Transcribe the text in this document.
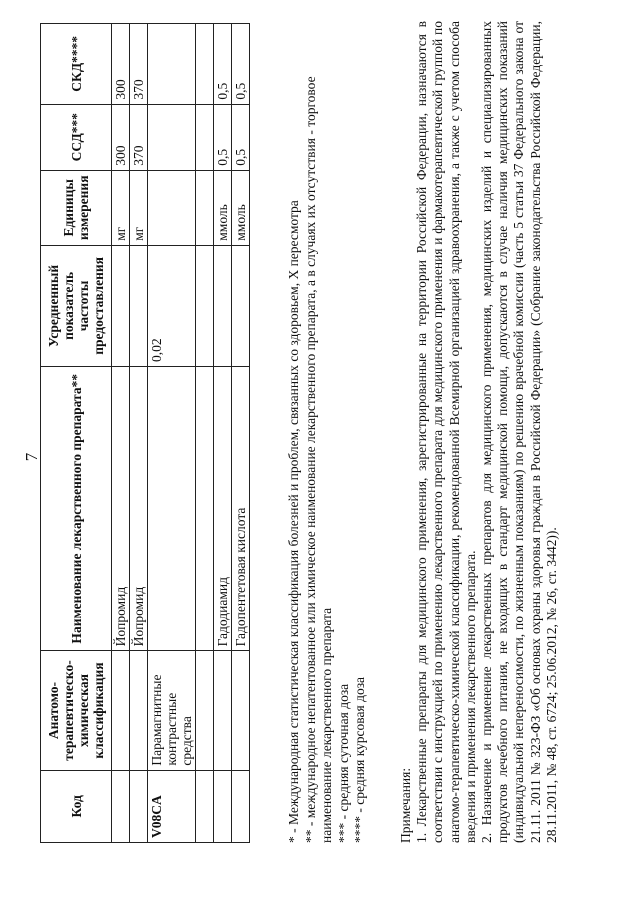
7
Код	Анатомо-терапевтическо-химическая классификация	Наименование лекарственного препарата**	Усредненный показатель частоты предоставления	Единицы измерения	ССД***	СКД****
		Йопромид		мг	300	300
		Йопромид		мг	370	370
V08CA	Парамагнитные контрастные средства		0,02			

		Гадодиамид		ммоль	0,5	0,5
		Гадопентетовая кислота		ммоль	0,5	0,5

* - Международная статистическая классификация болезней и проблем, связанных со здоровьем, X пересмотра ** - международное непатентованное или химическое наименование лекарственного препарата, а в случаях их отсутствия - торговое наименование лекарственного препарата *** - средняя суточная доза **** - средняя курсовая доза Примечания: 1. Лекарственные препараты для медицинского применения, зарегистрированные на территории Российской Федерации, назначаются в соответствии с инструкцией по применению лекарственного препарата для медицинского применения и фармакотерапевтической группой по анатомо-терапевтическо-химической классификации, рекомендованной Всемирной организацией здравоохранения, а также с учетом способа введения и применения лекарственного препарата. 2. Назначение и применение лекарственных препаратов для медицинского применения, медицинских изделий и специализированных продуктов лечебного питания, не входящих в стандарт медицинской помощи, допускаются в случае наличия медицинских показаний (индивидуальной непереносимости, по жизненным показаниям) по решению врачебной комиссии (часть 5 статьи 37 Федерального закона от 21.11. 2011 № 323-ФЗ «Об основах охраны здоровья граждан в Российской Федерации» (Собрание законодательства Российской Федерации, 28.11.2011, № 48, ст. 6724; 25.06.2012, № 26, ст. 3442)).
